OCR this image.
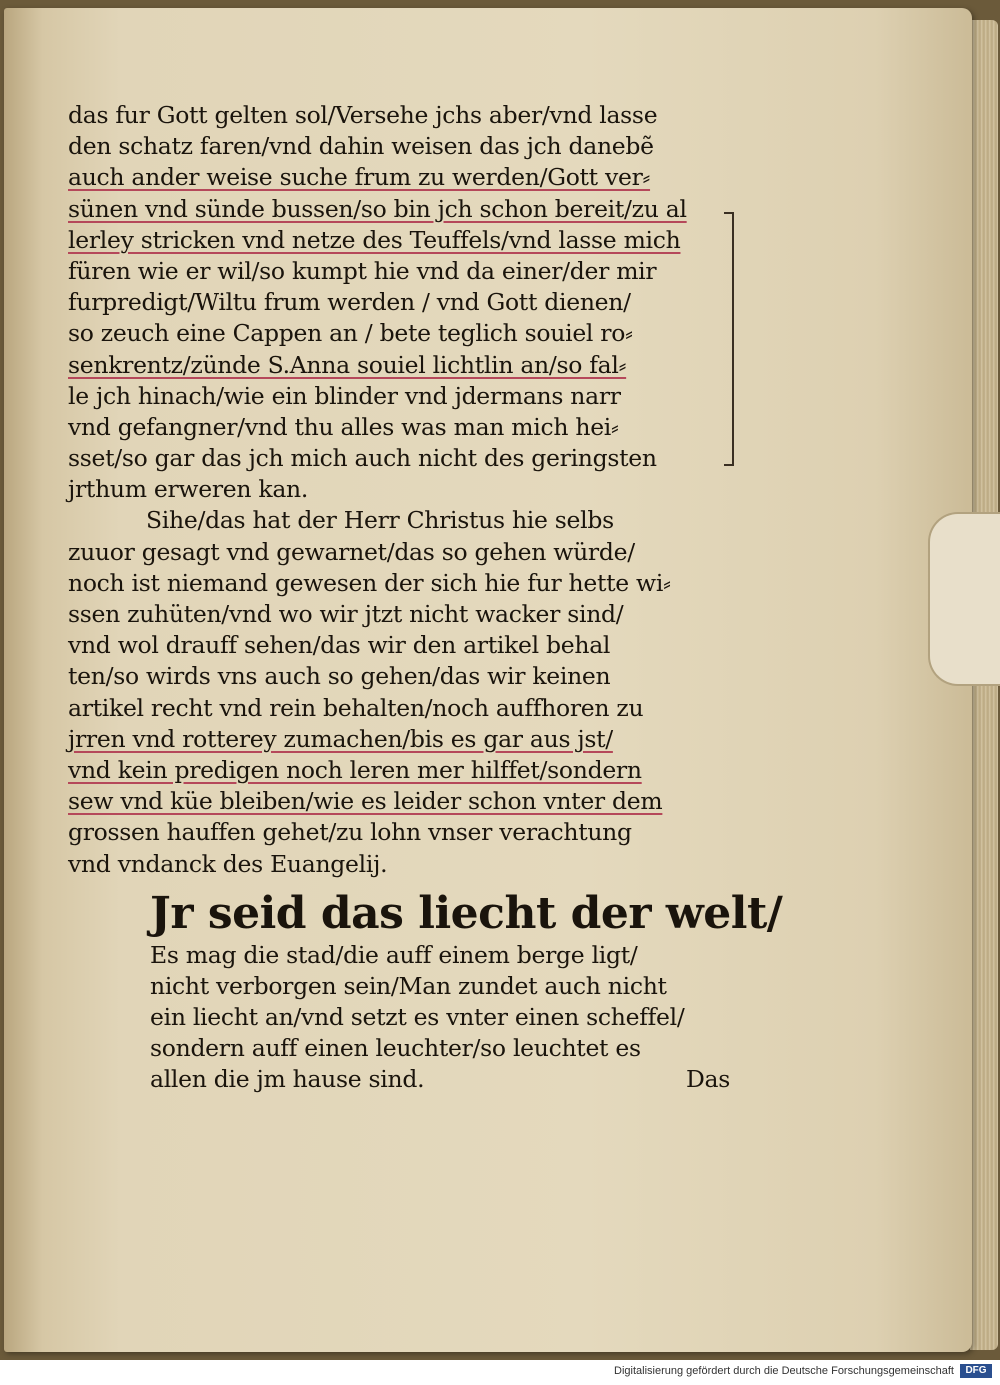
das fur Gott gelten sol/Versehe jchs aber/vnd lasse
den schatz faren/vnd dahin weisen das jch danebẽ
auch ander weise suche frum zu werden/Gott ver⸗
sünen vnd sünde bussen/so bin jch schon bereit/zu al
lerley stricken vnd netze des Teuffels/vnd lasse mich
füren wie er wil/so kumpt hie vnd da einer/der mir
furpredigt/Wiltu frum werden / vnd Gott dienen/
so zeuch eine Cappen an / bete teglich souiel ro⸗
senkrentz/zünde S.Anna souiel lichtlin an/so fal⸗
le jch hinach/wie ein blinder vnd jdermans narr
vnd gefangner/vnd thu alles was man mich hei⸗
sset/so gar das jch mich auch nicht des geringsten
jrthum erweren kan.
Sihe/das hat der Herr Christus hie selbs
zuuor gesagt vnd gewarnet/das so gehen würde/
noch ist niemand gewesen der sich hie fur hette wi⸗
ssen zuhüten/vnd wo wir jtzt nicht wacker sind/
vnd wol drauff sehen/das wir den artikel behal
ten/so wirds vns auch so gehen/das wir keinen
artikel recht vnd rein behalten/noch auffhoren zu
jrren vnd rotterey zumachen/bis es gar aus jst/
vnd kein predigen noch leren mer hilffet/sondern
sew vnd küe bleiben/wie es leider schon vnter dem
grossen hauffen gehet/zu lohn vnser verachtung
vnd vndanck des Euangelij.
Jr seid das liecht der welt/
Es mag die stad/die auff einem berge ligt/
nicht verborgen sein/Man zundet auch nicht
ein liecht an/vnd setzt es vnter einen scheffel/
sondern auff einen leuchter/so leuchtet es
allen die jm hause sind.	Das
Digitalisierung gefördert durch die Deutsche Forschungsgemeinschaft	DFG
